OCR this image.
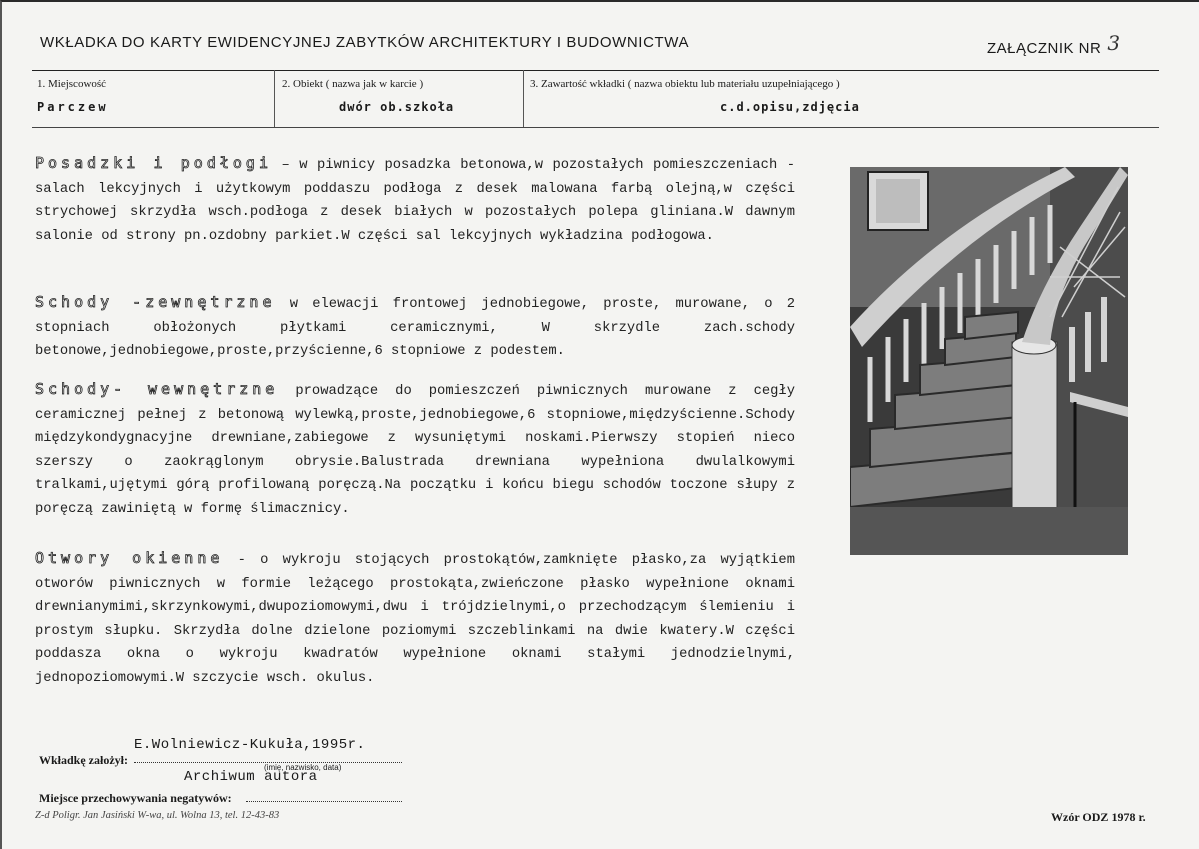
WKŁADKA DO KARTY EWIDENCYJNEJ ZABYTKÓW ARCHITEKTURY I BUDOWNICTWA	ZAŁĄCZNIK NR 3
1. Miejscowość
Parczew
2. Obiekt ( nazwa jak w karcie )
dwór ob.szkoła
3. Zawartość wkładki ( nazwa obiektu lub materiału uzupełniającego )
c.d.opisu,zdjęcia
Posadzki i podłogi – w piwnicy posadzka betonowa,w pozostałych pomieszczeniach -salach lekcyjnych i użytkowym poddaszu podłoga z desek malowana farbą olejną,w części strychowej skrzydła wsch.podłoga z desek białych w pozostałych polepa gliniana.W dawnym salonie od strony pn.ozdobny parkiet.W części sal lekcyjnych wykładzina podłogowa.
Schody -zewnętrzne w elewacji frontowej jednobiegowe, proste, murowane, o 2 stopniach obłożonych płytkami ceramicznymi, W skrzydle zach.schody betonowe,jednobiegowe,proste,przyścienne,6 stopniowe z podestem.
Schody- wewnętrzne prowadzące do pomieszczeń piwnicznych murowane z cegły ceramicznej pełnej z betonową wylewką,proste,jednobiegowe,6 stopniowe,międzyścienne.Schody międzykondygnacyjne drewniane,zabiegowe z wysuniętymi noskami.Pierwszy stopień nieco szerszy o zaokrąglonym obrysie.Balustrada drewniana wypełniona dwulalkowymi tralkami,ujętymi górą profilowaną poręczą.Na początku i końcu biegu schodów toczone słupy z poręczą zawiniętą w formę ślimacznicy.
Otwory okienne - o wykroju stojących prostokątów,zamknięte płasko,za wyjątkiem otworów piwnicznych w formie leżącego prostokąta,zwieńczone płasko wypełnione oknami drewnianymimi,skrzynkowymi,dwupoziomowymi,dwu i trójdzielnymi,o przechodzącym ślemieniu i prostym słupku. Skrzydła dolne dzielone poziomymi szczeblinkami na dwie kwatery.W części poddasza okna o wykroju kwadratów wypełnione oknami stałymi jednodzielnymi, jednopoziomowymi.W szczycie wsch. okulus.
E.Wolniewicz-Kukuła,1995r.
Wkładkę założył:
(imię, nazwisko, data)
Archiwum autora
Miejsce przechowywania negatywów:
Z-d Poligr. Jan Jasiński W-wa, ul. Wolna 13, tel. 12-43-83	Wzór ODZ 1978 r.
